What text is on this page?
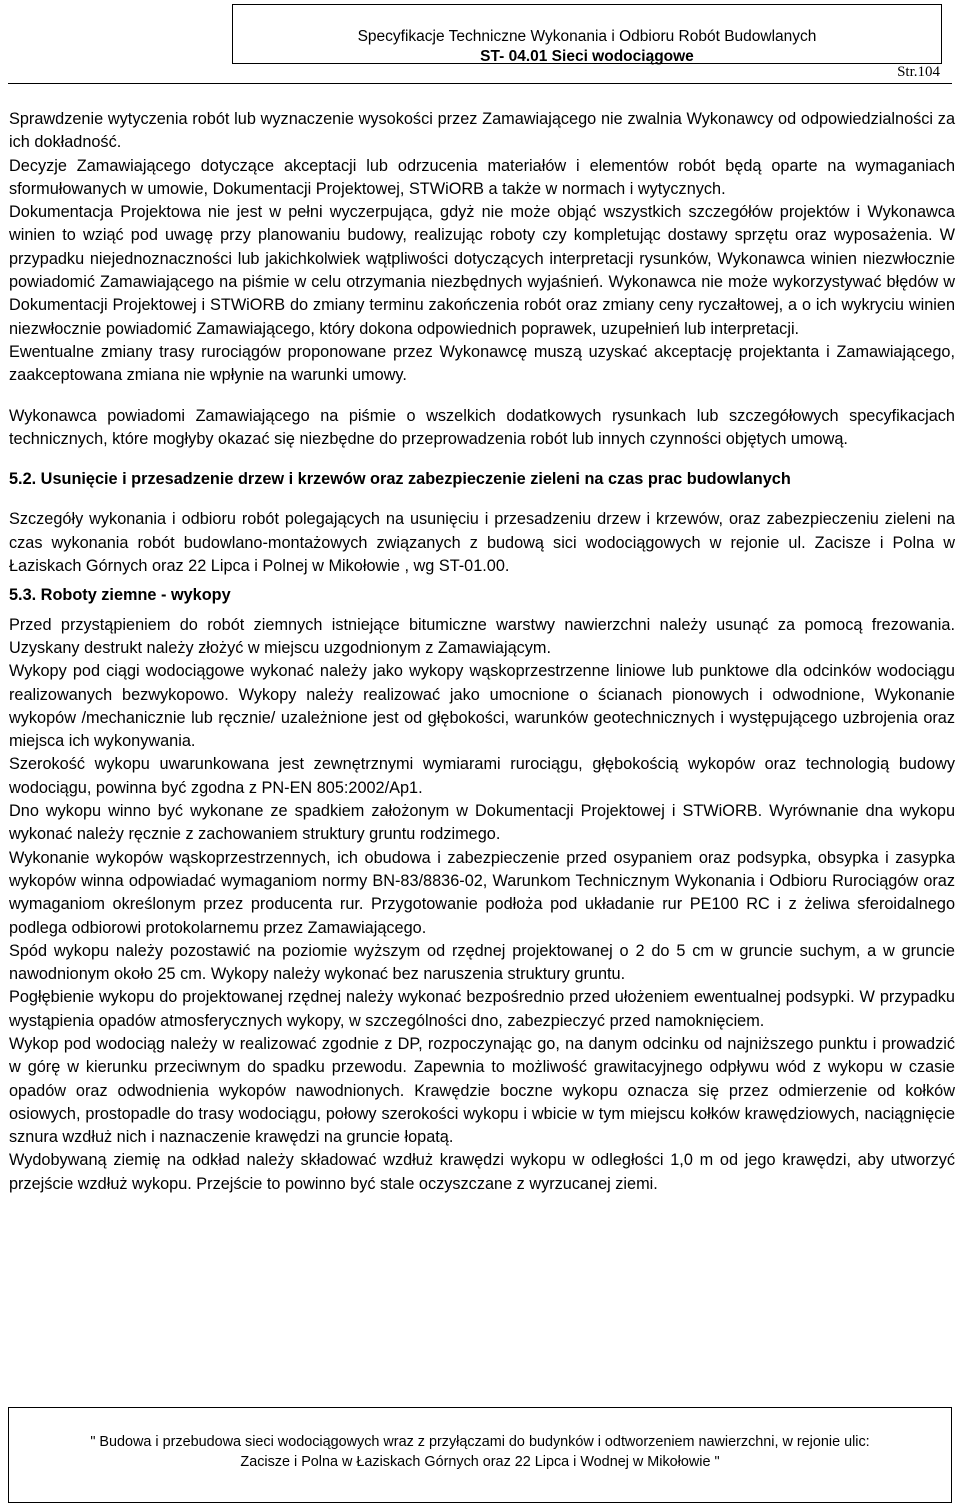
Specyfikacje Techniczne Wykonania i Odbioru Robót Budowlanych
ST- 04.01 Sieci wodociągowe
Str.104

Sprawdzenie wytyczenia robót lub wyznaczenie wysokości przez Zamawiającego nie zwalnia Wykonawcy od odpowiedzialności za ich dokładność.

Decyzje Zamawiającego dotyczące akceptacji lub odrzucenia materiałów i elementów robót będą oparte na wymaganiach sformułowanych w umowie, Dokumentacji Projektowej, STWiORB a także w normach i wytycznych.

Dokumentacja Projektowa nie jest w pełni wyczerpująca, gdyż nie może objąć wszystkich szczegółów projektów i Wykonawca winien to wziąć pod uwagę przy planowaniu budowy, realizując roboty czy kompletując dostawy sprzętu oraz wyposażenia. W przypadku niejednoznaczności lub jakichkolwiek wątpliwości dotyczących interpretacji rysunków, Wykonawca winien niezwłocznie powiadomić Zamawiającego na piśmie w celu otrzymania niezbędnych wyjaśnień. Wykonawca nie może wykorzystywać błędów w Dokumentacji Projektowej i STWiORB do zmiany terminu zakończenia robót oraz zmiany ceny ryczałtowej, a o ich wykryciu winien niezwłocznie powiadomić Zamawiającego, który dokona odpowiednich poprawek, uzupełnień lub interpretacji.

Ewentualne zmiany trasy rurociągów proponowane przez Wykonawcę muszą uzyskać akceptację projektanta i Zamawiającego, zaakceptowana zmiana nie wpłynie na warunki umowy.

Wykonawca powiadomi Zamawiającego na piśmie o wszelkich dodatkowych rysunkach lub szczegółowych specyfikacjach technicznych, które mogłyby okazać się niezbędne do przeprowadzenia robót lub innych czynności objętych umową.

5.2. Usunięcie i przesadzenie drzew i krzewów oraz zabezpieczenie zieleni na czas prac budowlanych

Szczegóły wykonania i odbioru robót polegających na usunięciu i przesadzeniu drzew i krzewów, oraz zabezpieczeniu zieleni na czas wykonania robót budowlano-montażowych związanych z budową sici wodociągowych w rejonie ul. Zacisze i Polna w Łaziskach Górnych oraz 22 Lipca i Polnej w Mikołowie , wg ST-01.00.

5.3. Roboty ziemne - wykopy

Przed przystąpieniem do robót ziemnych istniejące bitumiczne warstwy nawierzchni należy usunąć za pomocą frezowania. Uzyskany destrukt należy złożyć w miejscu uzgodnionym z Zamawiającym.

Wykopy pod ciągi wodociągowe wykonać należy jako wykopy wąskoprzestrzenne liniowe lub punktowe dla odcinków wodociągu realizowanych bezwykopowo. Wykopy należy realizować jako umocnione o ścianach pionowych i odwodnione, Wykonanie wykopów /mechanicznie lub ręcznie/ uzależnione jest od głębokości, warunków geotechnicznych i występującego uzbrojenia oraz miejsca ich wykonywania.

Szerokość wykopu uwarunkowana jest zewnętrznymi wymiarami rurociągu, głębokością wykopów oraz technologią budowy wodociągu, powinna być zgodna z PN-EN 805:2002/Ap1.

Dno wykopu winno być wykonane ze spadkiem założonym w Dokumentacji Projektowej i STWiORB. Wyrównanie dna wykopu wykonać należy ręcznie z zachowaniem struktury gruntu rodzimego.

Wykonanie wykopów wąskoprzestrzennych, ich obudowa i zabezpieczenie przed osypaniem oraz podsypka, obsypka i zasypka wykopów winna odpowiadać wymaganiom normy BN-83/8836-02, Warunkom Technicznym Wykonania i Odbioru Rurociągów oraz wymaganiom określonym przez producenta rur. Przygotowanie podłoża pod układanie rur PE100 RC i z żeliwa sferoidalnego podlega odbiorowi protokolarnemu przez Zamawiającego.

Spód wykopu należy pozostawić na poziomie wyższym od rzędnej projektowanej o 2 do 5 cm w gruncie suchym, a w gruncie nawodnionym około 25 cm. Wykopy należy wykonać bez naruszenia struktury gruntu.

Pogłębienie wykopu do projektowanej rzędnej należy wykonać bezpośrednio przed ułożeniem ewentualnej podsypki. W przypadku wystąpienia opadów atmosferycznych wykopy, w szczególności dno, zabezpieczyć przed namoknięciem.

Wykop pod wodociąg należy w realizować zgodnie z DP, rozpoczynając go, na danym odcinku od najniższego punktu i prowadzić w górę w kierunku przeciwnym do spadku przewodu. Zapewnia to możliwość grawitacyjnego odpływu wód z wykopu w czasie opadów oraz odwodnienia wykopów nawodnionych. Krawędzie boczne wykopu oznacza się przez odmierzenie od kołków osiowych, prostopadle do trasy wodociągu, połowy szerokości wykopu i wbicie w tym miejscu kołków krawędziowych, naciągnięcie sznura wzdłuż nich i naznaczenie krawędzi na gruncie łopatą.

Wydobywaną ziemię na odkład należy składować wzdłuż krawędzi wykopu w odległości 1,0 m od jego krawędzi, aby utworzyć przejście wzdłuż wykopu. Przejście to powinno być stale oczyszczane z wyrzucanej ziemi.

" Budowa i przebudowa sieci wodociągowych wraz z przyłączami do budynków i odtworzeniem nawierzchni, w rejonie ulic:
Zacisze i Polna w Łaziskach Górnych oraz 22 Lipca i Wodnej w Mikołowie "
